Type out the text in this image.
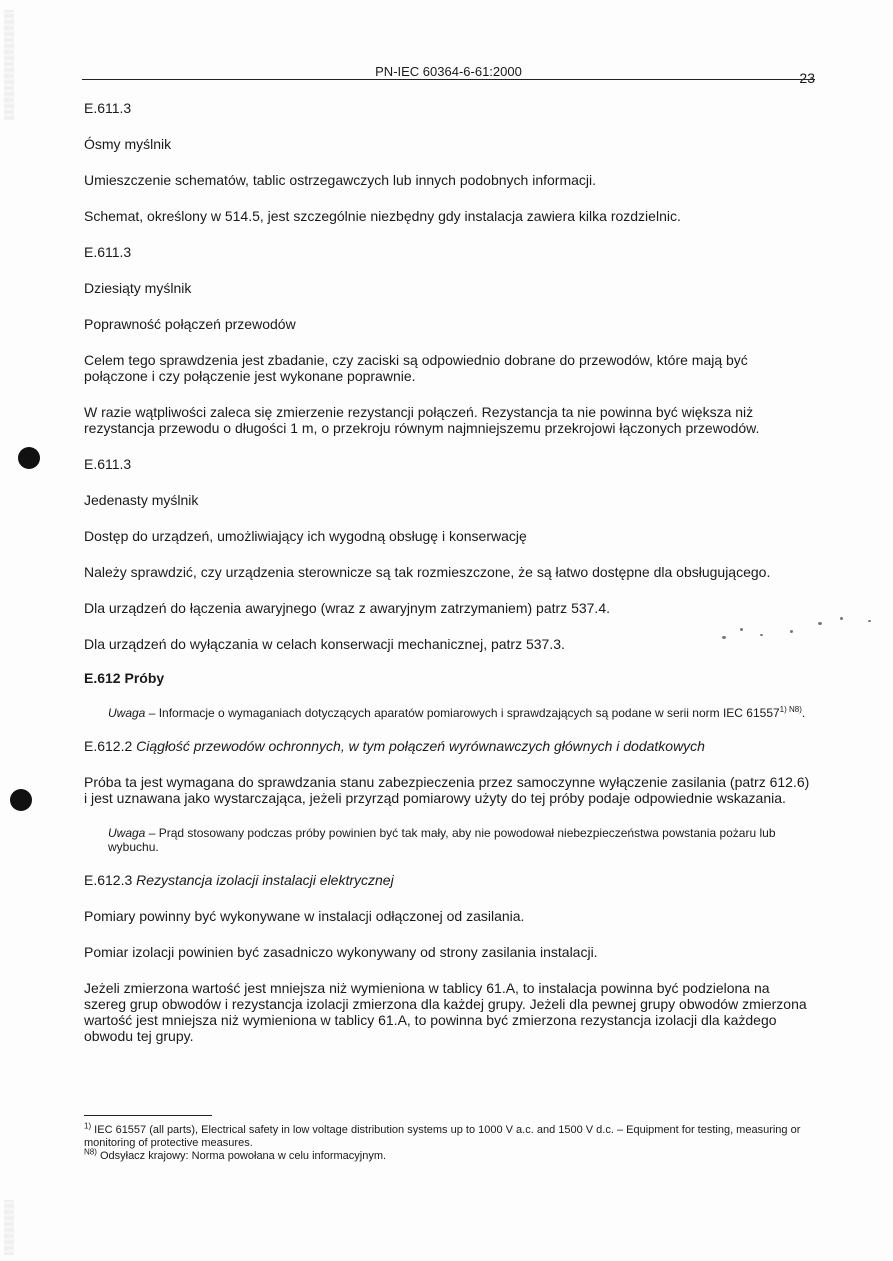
PN-IEC 60364-6-61:2000	23
E.611.3
Ósmy myślnik
Umieszczenie schematów, tablic ostrzegawczych lub innych podobnych informacji.
Schemat, określony w 514.5, jest szczególnie niezbędny gdy instalacja zawiera kilka rozdzielnic.
E.611.3
Dziesiąty myślnik
Poprawność połączeń przewodów
Celem tego sprawdzenia jest zbadanie, czy zaciski są odpowiednio dobrane do przewodów, które mają być połączone i czy połączenie jest wykonane poprawnie.
W razie wątpliwości zaleca się zmierzenie rezystancji połączeń. Rezystancja ta nie powinna być większa niż rezystancja przewodu o długości 1 m, o przekroju równym najmniejszemu przekrojowi łączonych przewodów.
E.611.3
Jedenasty myślnik
Dostęp do urządzeń, umożliwiający ich wygodną obsługę i konserwację
Należy sprawdzić, czy urządzenia sterownicze są tak rozmieszczone, że są łatwo dostępne dla obsługującego.
Dla urządzeń do łączenia awaryjnego (wraz z awaryjnym zatrzymaniem) patrz 537.4.
Dla urządzeń do wyłączania w celach konserwacji mechanicznej, patrz 537.3.
E.612 Próby
Uwaga – Informacje o wymaganiach dotyczących aparatów pomiarowych i sprawdzających są podane w serii norm IEC $61557^{1) N8)}$.
E.612.2 Ciągłość przewodów ochronnych, w tym połączeń wyrównawczych głównych i dodatkowych
Próba ta jest wymagana do sprawdzania stanu zabezpieczenia przez samoczynne wyłączenie zasilania (patrz 612.6) i jest uznawana jako wystarczająca, jeżeli przyrząd pomiarowy użyty do tej próby podaje odpowiednie wskazania.
Uwaga – Prąd stosowany podczas próby powinien być tak mały, aby nie powodował niebezpieczeństwa powstania pożaru lub wybuchu.
E.612.3 Rezystancja izolacji instalacji elektrycznej
Pomiary powinny być wykonywane w instalacji odłączonej od zasilania.
Pomiar izolacji powinien być zasadniczo wykonywany od strony zasilania instalacji.
Jeżeli zmierzona wartość jest mniejsza niż wymieniona w tablicy 61.A, to instalacja powinna być podzielona na szereg grup obwodów i rezystancja izolacji zmierzona dla każdej grupy. Jeżeli dla pewnej grupy obwodów zmierzona wartość jest mniejsza niż wymieniona w tablicy 61.A, to powinna być zmierzona rezystancja izolacji dla każdego obwodu tej grupy.
$^{1)}$ IEC 61557 (all parts), Electrical safety in low voltage distribution systems up to 1000 V a.c. and 1500 V d.c. – Equipment for testing, measuring or monitoring of protective measures.
$^{N8)}$ Odsyłacz krajowy: Norma powołana w celu informacyjnym.
